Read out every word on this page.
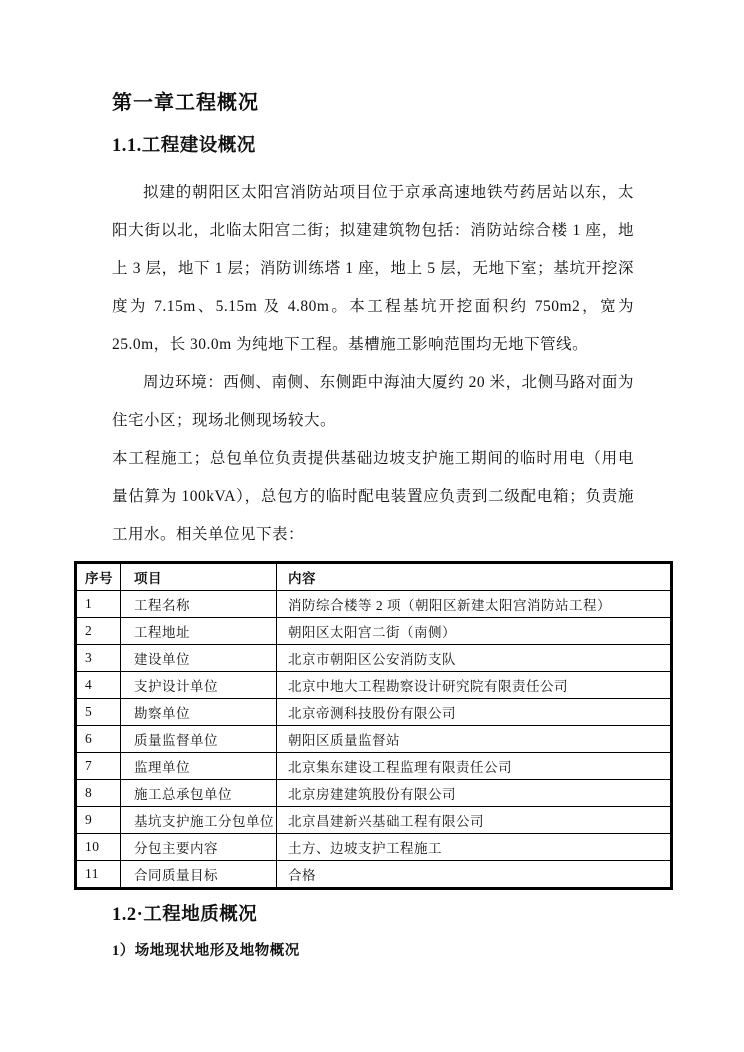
第一章工程概况
1.1.工程建设概况

拟建的朝阳区太阳宫消防站项目位于京承高速地铁芍药居站以东，太阳大街以北，北临太阳宫二街；拟建建筑物包括：消防站综合楼 1 座，地上 3 层，地下 1 层；消防训练塔 1 座，地上 5 层，无地下室；基坑开挖深度为 7.15m、5.15m 及 4.80m。本工程基坑开挖面积约 750m2，宽为 25.0m，长 30.0m 为纯地下工程。基槽施工影响范围均无地下管线。

周边环境：西侧、南侧、东侧距中海油大厦约 20 米，北侧马路对面为住宅小区；现场北侧现场较大。

本工程施工；总包单位负责提供基础边坡支护施工期间的临时用电（用电量估算为 100kVA），总包方的临时配电装置应负责到二级配电箱；负责施工用水。相关单位见下表：

序号	项目	内容
1	工程名称	消防综合楼等 2 项（朝阳区新建太阳宫消防站工程）
2	工程地址	朝阳区太阳宫二街（南侧）
3	建设单位	北京市朝阳区公安消防支队
4	支护设计单位	北京中地大工程勘察设计研究院有限责任公司
5	勘察单位	北京帝测科技股份有限公司
6	质量监督单位	朝阳区质量监督站
7	监理单位	北京集东建设工程监理有限责任公司
8	施工总承包单位	北京房建建筑股份有限公司
9	基坑支护施工分包单位	北京昌建新兴基础工程有限公司
10	分包主要内容	土方、边坡支护工程施工
11	合同质量目标	合格
1.2·工程地质概况
1）场地现状地形及地物概况
